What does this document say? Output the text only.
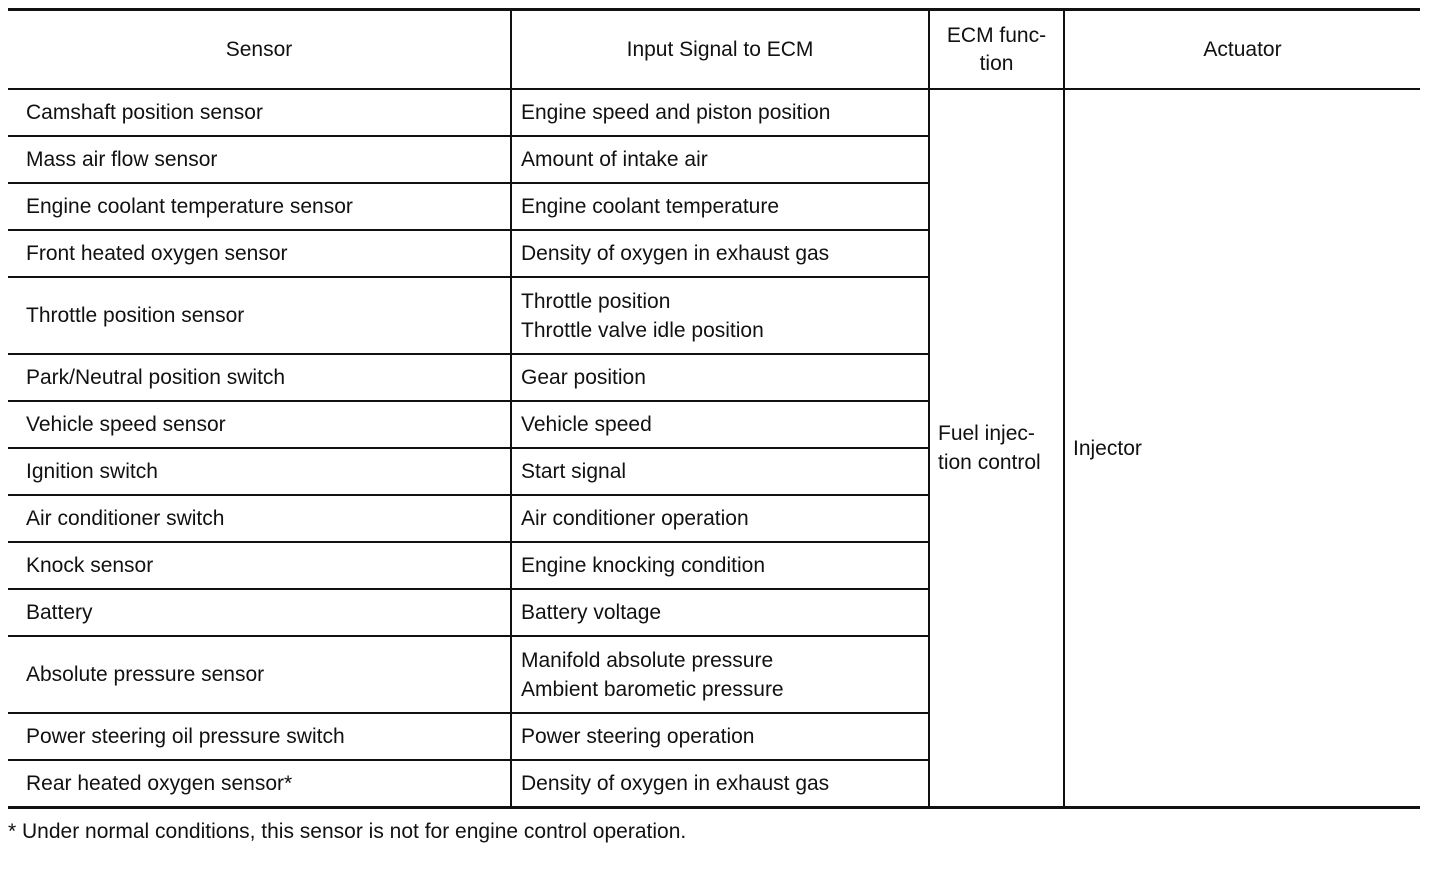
Sensor	Input Signal to ECM	ECM func-
tion	Actuator
Camshaft position sensor	Engine speed and piston position	Fuel injec-
tion control	Injector
Mass air flow sensor	Amount of intake air		

Engine coolant temperature sensor	Engine coolant temperature		

Front heated oxygen sensor	Density of oxygen in exhaust gas		

Throttle position sensor	Throttle position
Throttle valve idle position		

Park/Neutral position switch	Gear position		

Vehicle speed sensor	Vehicle speed		

Ignition switch	Start signal		

Air conditioner switch	Air conditioner operation		

Knock sensor	Engine knocking condition		

Battery	Battery voltage		

Absolute pressure sensor	Manifold absolute pressure
Ambient barometic pressure		

Power steering oil pressure switch	Power steering operation		

Rear heated oxygen sensor*	Density of oxygen in exhaust gas		
* Under normal conditions, this sensor is not for engine control operation.
